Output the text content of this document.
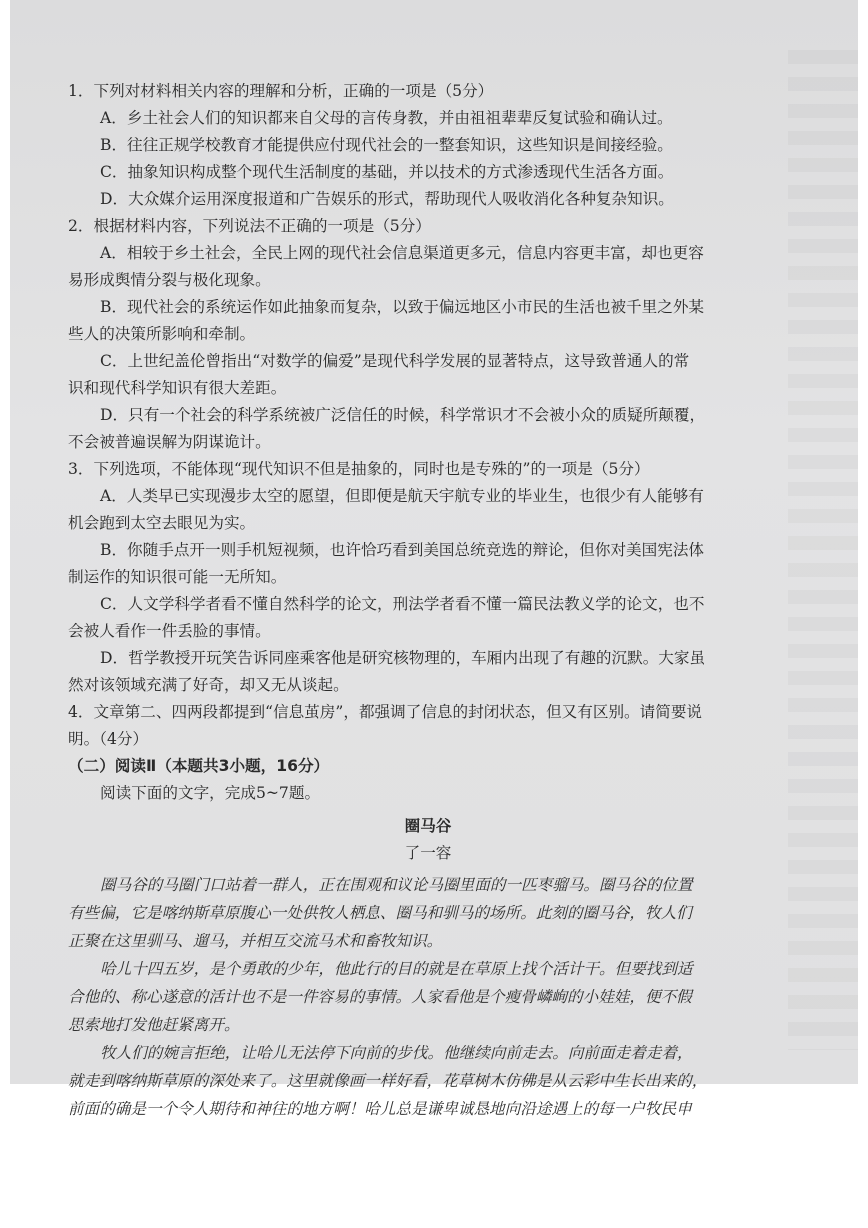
1．下列对材料相关内容的理解和分析，正确的一项是（5分）

A．乡土社会人们的知识都来自父母的言传身教，并由祖祖辈辈反复试验和确认过。

B．往往正规学校教育才能提供应付现代社会的一整套知识，这些知识是间接经验。

C．抽象知识构成整个现代生活制度的基础，并以技术的方式渗透现代生活各方面。

D．大众媒介运用深度报道和广告娱乐的形式，帮助现代人吸收消化各种复杂知识。

2．根据材料内容，下列说法不正确的一项是（5分）

A．相较于乡土社会，全民上网的现代社会信息渠道更多元，信息内容更丰富，却也更容

易形成舆情分裂与极化现象。

B．现代社会的系统运作如此抽象而复杂，以致于偏远地区小市民的生活也被千里之外某

些人的决策所影响和牵制。

C．上世纪盖伦曾指出“对数学的偏爱”是现代科学发展的显著特点，这导致普通人的常

识和现代科学知识有很大差距。

D．只有一个社会的科学系统被广泛信任的时候，科学常识才不会被小众的质疑所颠覆，

不会被普遍误解为阴谋诡计。

3．下列选项，不能体现“现代知识不但是抽象的，同时也是专殊的”的一项是（5分）

A．人类早已实现漫步太空的愿望，但即便是航天宇航专业的毕业生，也很少有人能够有

机会跑到太空去眼见为实。

B．你随手点开一则手机短视频，也许恰巧看到美国总统竞选的辩论，但你对美国宪法体

制运作的知识很可能一无所知。

C．人文学科学者看不懂自然科学的论文，刑法学者看不懂一篇民法教义学的论文，也不

会被人看作一件丢脸的事情。

D．哲学教授开玩笑告诉同座乘客他是研究核物理的，车厢内出现了有趣的沉默。大家虽

然对该领域充满了好奇，却又无从谈起。

4．文章第二、四两段都提到“信息茧房”，都强调了信息的封闭状态，但又有区别。请简要说

明。（4分）

（二）阅读Ⅱ（本题共3小题，16分）

阅读下面的文字，完成5~7题。

圈马谷
了一容

圈马谷的马圈门口站着一群人，正在围观和议论马圈里面的一匹枣骝马。圈马谷的位置

有些偏，它是喀纳斯草原腹心一处供牧人栖息、圈马和驯马的场所。此刻的圈马谷，牧人们

正聚在这里驯马、遛马，并相互交流马术和畜牧知识。

哈儿十四五岁，是个勇敢的少年，他此行的目的就是在草原上找个活计干。但要找到适

合他的、称心遂意的活计也不是一件容易的事情。人家看他是个瘦骨嶙峋的小娃娃，便不假

思索地打发他赶紧离开。

牧人们的婉言拒绝，让哈儿无法停下向前的步伐。他继续向前走去。向前面走着走着，

就走到喀纳斯草原的深处来了。这里就像画一样好看，花草树木仿佛是从云彩中生长出来的，

前面的确是一个令人期待和神往的地方啊！哈儿总是谦卑诚恳地向沿途遇上的每一户牧民申
